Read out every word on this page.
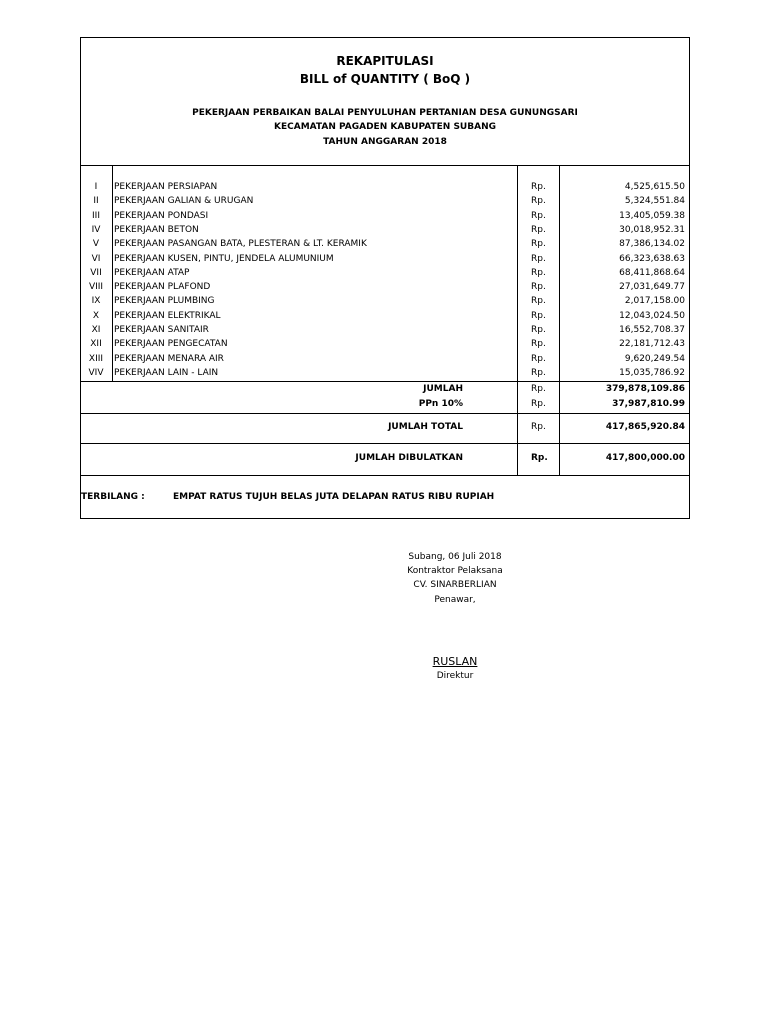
REKAPITULASI
BILL of QUANTITY ( BoQ )
PEKERJAAN PERBAIKAN BALAI PENYULUHAN PERTANIAN DESA GUNUNGSARI
KECAMATAN PAGADEN KABUPATEN SUBANG
TAHUN ANGGARAN 2018
I	PEKERJAAN PERSIAPAN	Rp.	4,525,615.50
II	PEKERJAAN GALIAN & URUGAN	Rp.	5,324,551.84
III	PEKERJAAN PONDASI	Rp.	13,405,059.38
IV	PEKERJAAN BETON	Rp.	30,018,952.31
V	PEKERJAAN PASANGAN BATA, PLESTERAN & LT. KERAMIK	Rp.	87,386,134.02
VI	PEKERJAAN KUSEN, PINTU, JENDELA ALUMUNIUM	Rp.	66,323,638.63
VII	PEKERJAAN ATAP	Rp.	68,411,868.64
VIII	PEKERJAAN PLAFOND	Rp.	27,031,649.77
IX	PEKERJAAN PLUMBING	Rp.	2,017,158.00
X	PEKERJAAN ELEKTRIKAL	Rp.	12,043,024.50
XI	PEKERJAAN SANITAIR	Rp.	16,552,708.37
XII	PEKERJAAN PENGECATAN	Rp.	22,181,712.43
XIII	PEKERJAAN MENARA AIR	Rp.	9,620,249.54
VIV	PEKERJAAN LAIN - LAIN	Rp.	15,035,786.92
JUMLAH	Rp.	379,878,109.86
PPn 10%	Rp.	37,987,810.99
JUMLAH TOTAL	Rp.	417,865,920.84
JUMLAH DIBULATKAN	Rp.	417,800,000.00
TERBILANG :	EMPAT RATUS TUJUH BELAS JUTA DELAPAN RATUS RIBU RUPIAH
Subang, 06 Juli 2018
Kontraktor Pelaksana
CV. SINARBERLIAN
Penawar,
RUSLAN
Direktur
